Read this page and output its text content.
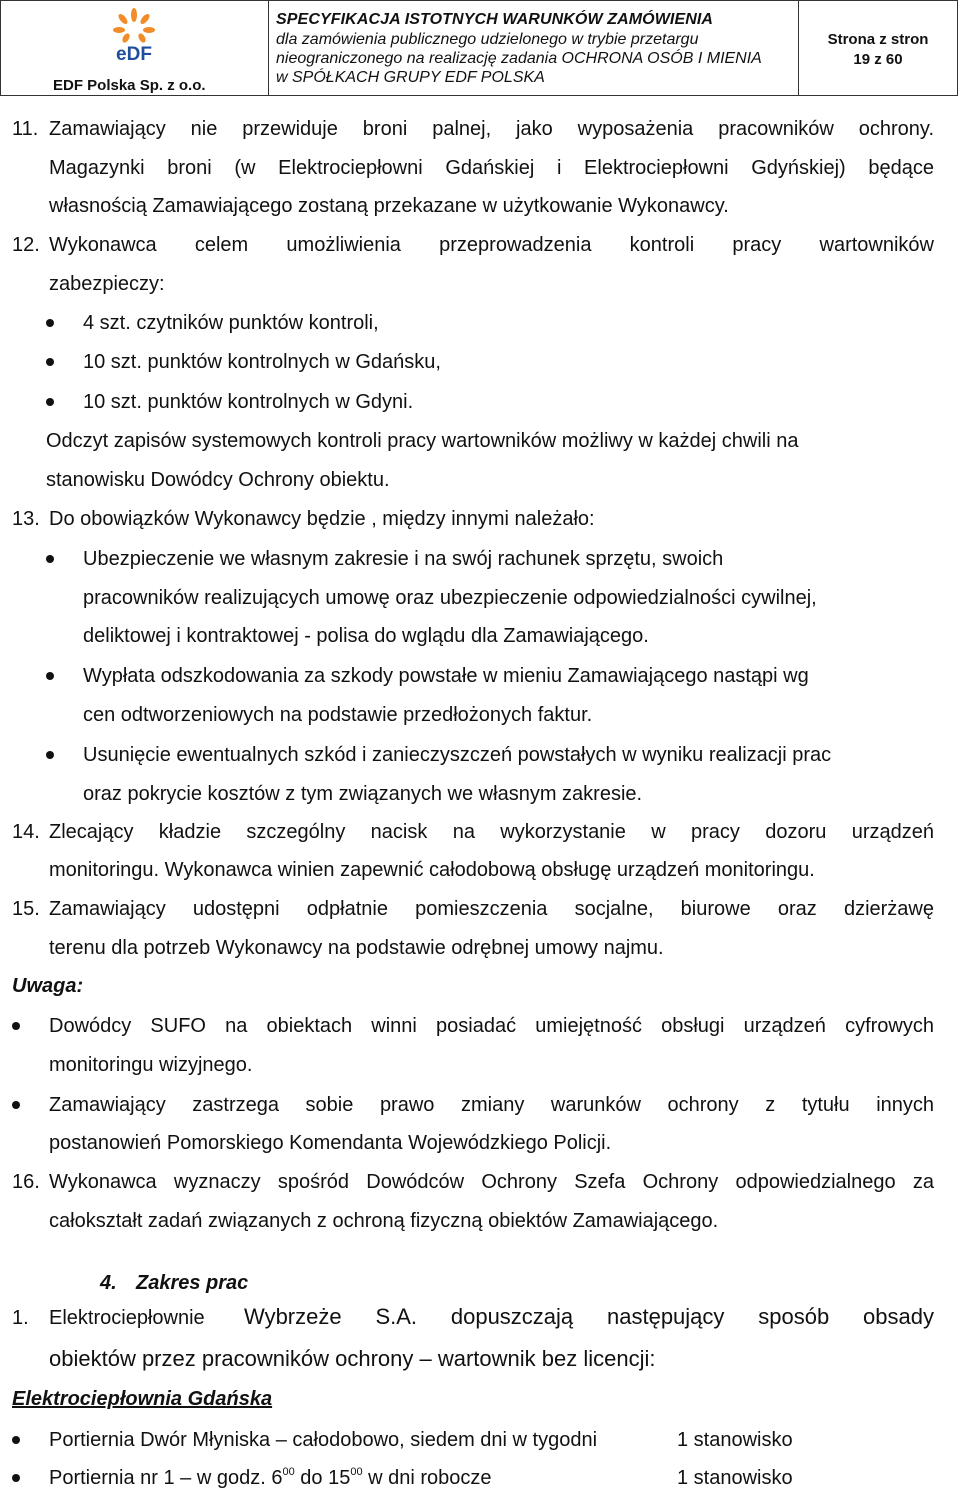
eDF
EDF Polska Sp. z o.o.
SPECYFIKACJA ISTOTNYCH WARUNKÓW ZAMÓWIENIA
dla zamówienia publicznego udzielonego w trybie przetargu
nieograniczonego na realizację zadania OCHRONA OSÓB I MIENIA
w SPÓŁKACH GRUPY EDF POLSKA
Strona z stron
19 z 60
11. Zamawiający nie przewiduje broni palnej, jako wyposażenia pracowników ochrony.
Magazynki broni (w Elektrociepłowni Gdańskiej i Elektrociepłowni Gdyńskiej) będące
własnością Zamawiającego zostaną przekazane w użytkowanie Wykonawcy.
12. Wykonawca celem umożliwienia przeprowadzenia kontroli pracy wartowników
zabezpieczy:
4 szt. czytników punktów kontroli,
10 szt. punktów kontrolnych w Gdańsku,
10 szt. punktów kontrolnych w Gdyni.
Odczyt zapisów systemowych kontroli pracy wartowników możliwy w każdej chwili na
stanowisku Dowódcy Ochrony obiektu.
13. Do obowiązków Wykonawcy będzie , między innymi należało:
Ubezpieczenie we własnym zakresie i na swój rachunek sprzętu, swoich
pracowników realizujących umowę oraz ubezpieczenie odpowiedzialności cywilnej,
deliktowej i kontraktowej - polisa do wglądu dla Zamawiającego.
Wypłata odszkodowania za szkody powstałe w mieniu Zamawiającego nastąpi wg
cen odtworzeniowych na podstawie przedłożonych faktur.
Usunięcie ewentualnych szkód i zanieczyszczeń powstałych w wyniku realizacji prac
oraz pokrycie kosztów z tym związanych we własnym zakresie.
14. Zlecający kładzie szczególny nacisk na wykorzystanie w pracy dozoru urządzeń
monitoringu. Wykonawca winien zapewnić całodobową obsługę urządzeń monitoringu.
15. Zamawiający udostępni odpłatnie pomieszczenia socjalne, biurowe oraz dzierżawę
terenu dla potrzeb Wykonawcy na podstawie odrębnej umowy najmu.
Uwaga:
Dowódcy SUFO na obiektach winni posiadać umiejętność obsługi urządzeń cyfrowych
monitoringu wizyjnego.
Zamawiający zastrzega sobie prawo zmiany warunków ochrony z tytułu innych
postanowień Pomorskiego Komendanta Wojewódzkiego Policji.
16. Wykonawca wyznaczy spośród Dowódców Ochrony Szefa Ochrony odpowiedzialnego za
całokształt zadań związanych z ochroną fizyczną obiektów Zamawiającego.
4. Zakres prac
1. Elektrociepłownie Wybrzeże S.A. dopuszczają następujący sposób obsady
obiektów przez pracowników ochrony – wartownik bez licencji:
Elektrociepłownia Gdańska
Portiernia Dwór Młyniska – całodobowo, siedem dni w tygodni	1 stanowisko
Portiernia nr 1 – w godz. $6^{00}$ do $15^{00}$ w dni robocze	1 stanowisko
